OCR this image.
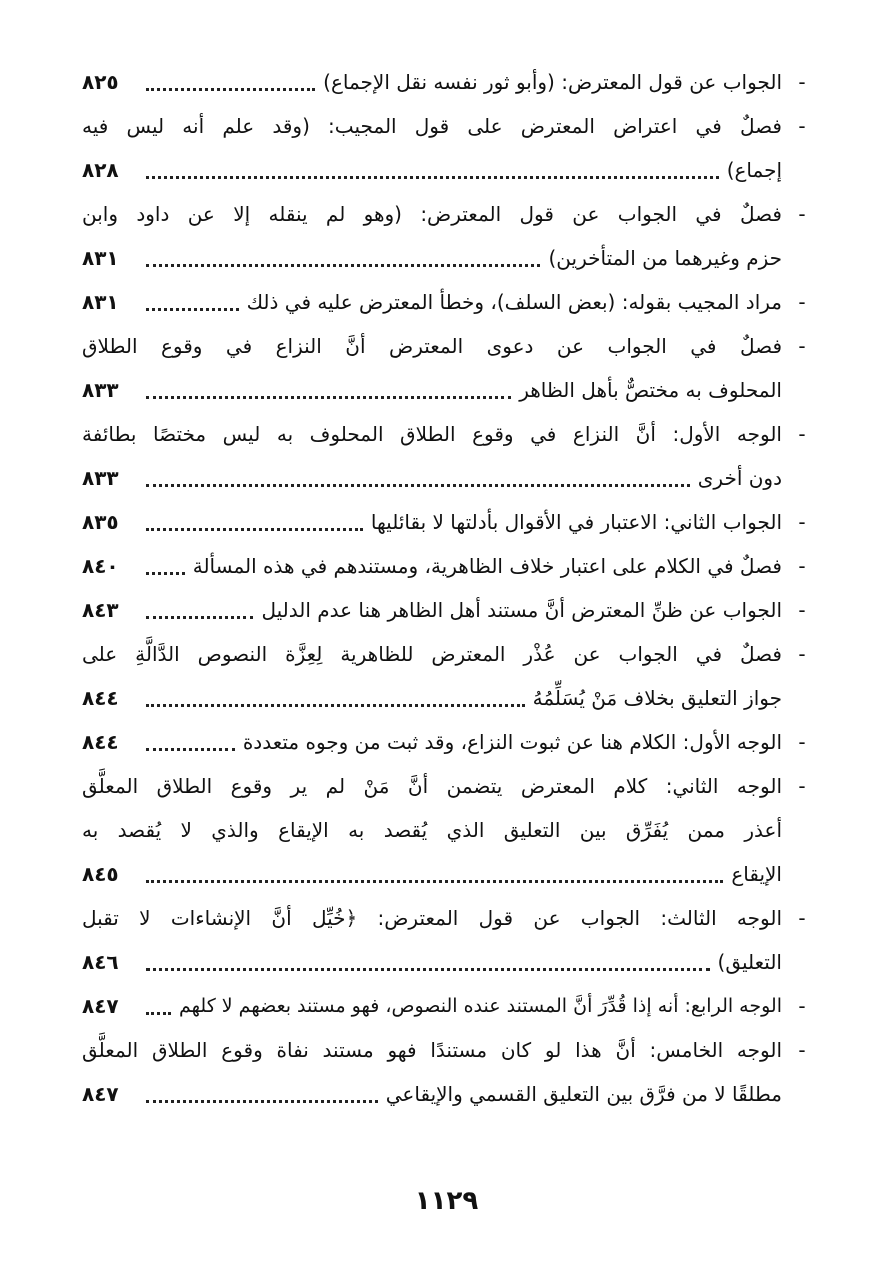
-
الجواب عن قول المعترض: (وأبو ثور نفسه نقل الإجماع)
٨٢٥
-
فصلٌ في اعتراض المعترض على قول المجيب: (وقد علم أنه ليس فيه
إجماع)
٨٢٨
-
فصلٌ في الجواب عن قول المعترض: (وهو لم ينقله إلا عن داود وابن
حزم وغيرهما من المتأخرين)
٨٣١
-
مراد المجيب بقوله: (بعض السلف)، وخطأ المعترض عليه في ذلك
٨٣١
-
فصلٌ في الجواب عن دعوى المعترض أنَّ النزاع في وقوع الطلاق
المحلوف به مختصٌّ بأهل الظاهر
٨٣٣
-
الوجه الأول: أنَّ النزاع في وقوع الطلاق المحلوف به ليس مختصًا بطائفة
دون أخرى
٨٣٣
-
الجواب الثاني: الاعتبار في الأقوال بأدلتها لا بقائليها
٨٣٥
-
فصلٌ في الكلام على اعتبار خلاف الظاهرية، ومستندهم في هذه المسألة
٨٤٠
-
الجواب عن ظنِّ المعترض أنَّ مستند أهل الظاهر هنا عدم الدليل
٨٤٣
-
فصلٌ في الجواب عن عُذْر المعترض للظاهرية لِعِزَّة النصوص الدَّالَّةِ على
جواز التعليق بخلاف مَنْ يُسَلِّمُهُ
٨٤٤
-
الوجه الأول: الكلام هنا عن ثبوت النزاع، وقد ثبت من وجوه متعددة
٨٤٤
-
الوجه الثاني: كلام المعترض يتضمن أنَّ مَنْ لم ير وقوع الطلاق المعلَّق
أعذر ممن يُفَرِّق بين التعليق الذي يُقصد به الإيقاع والذي لا يُقصد به
الإيقاع
٨٤٥
-
الوجه الثالث: الجواب عن قول المعترض: ﴿خُيِّل أنَّ الإنشاءات لا تقبل
التعليق)
٨٤٦
-
الوجه الرابع: أنه إذا قُدِّرَ أنَّ المستند عنده النصوص، فهو مستند بعضهم لا كلهم
٨٤٧
-
الوجه الخامس: أنَّ هذا لو كان مستندًا فهو مستند نفاة وقوع الطلاق المعلَّق
مطلقًا لا من فرَّق بين التعليق القسمي والإيقاعي
٨٤٧
١١٢٩
